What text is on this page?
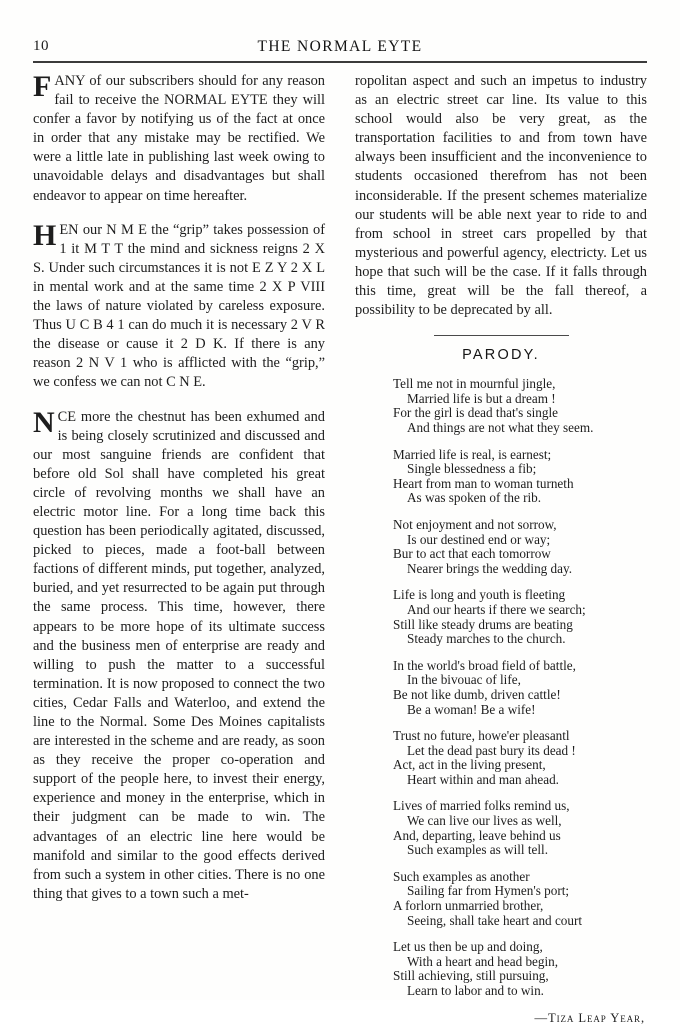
10	THE NORMAL EYTE

FANY of our subscribers should for any reason fail to receive the NORMAL EYTE they will confer a favor by notifying us of the fact at once in order that any mistake may be rectified. We were a little late in publishing last week owing to unavoidable delays and disadvantages but shall endeavor to appear on time hereafter.

HEN our N M E the “grip” takes possession of 1 it M T T the mind and sickness reigns 2 X S. Under such circumstances it is not E Z Y 2 X L in mental work and at the same time 2 X P VIII the laws of nature violated by careless exposure. Thus U C B 4 1 can do much it is necessary 2 V R the disease or cause it 2 D K. If there is any reason 2 N V 1 who is afflicted with the “grip,” we confess we can not C N E.

NCE more the chestnut has been exhumed and is being closely scrutinized and discussed and our most sanguine friends are confident that before old Sol shall have completed his great circle of revolving months we shall have an electric motor line. For a long time back this question has been periodically agitated, discussed, picked to pieces, made a foot-ball between factions of different minds, put together, analyzed, buried, and yet resurrected to be again put through the same process. This time, however, there appears to be more hope of its ultimate success and the business men of enterprise are ready and willing to push the matter to a successful termination. It is now proposed to connect the two cities, Cedar Falls and Waterloo, and extend the line to the Normal. Some Des Moines capitalists are interested in the scheme and are ready, as soon as they receive the proper co-operation and support of the people here, to invest their energy, experience and money in the enterprise, which in their judgment can be made to win. The advantages of an electric line here would be manifold and similar to the good effects derived from such a system in other cities. There is no one thing that gives to a town such a met-

ropolitan aspect and such an impetus to industry as an electric street car line. Its value to this school would also be very great, as the transportation facilities to and from town have always been insufficient and the inconvenience to students occasioned therefrom has not been inconsiderable. If the present schemes materialize our students will be able next year to ride to and from school in street cars propelled by that mysterious and powerful agency, electricty. Let us hope that such will be the case. If it falls through this time, great will be the fall thereof, a possibility to be deprecated by all.

PARODY.
Tell me not in mournful jingle,
Married life is but a dream !
For the girl is dead that's single
And things are not what they seem.
Married life is real, is earnest;
Single blessedness a fib;
Heart from man to woman turneth
As was spoken of the rib.
Not enjoyment and not sorrow,
Is our destined end or way;
Bur to act that each tomorrow
Nearer brings the wedding day.
Life is long and youth is fleeting
And our hearts if there we search;
Still like steady drums are beating
Steady marches to the church.
In the world's broad field of battle,
In the bivouac of life,
Be not like dumb, driven cattle!
Be a woman! Be a wife!
Trust no future, howe'er pleasantl
Let the dead past bury its dead !
Act, act in the living present,
Heart within and man ahead.
Lives of married folks remind us,
We can live our lives as well,
And, departing, leave behind us
Such examples as will tell.
Such examples as another
Sailing far from Hymen's port;
A forlorn unmarried brother,
Seeing, shall take heart and court
Let us then be up and doing,
With a heart and head begin,
Still achieving, still pursuing,
Learn to labor and to win.
—Tiza Leap Year,
